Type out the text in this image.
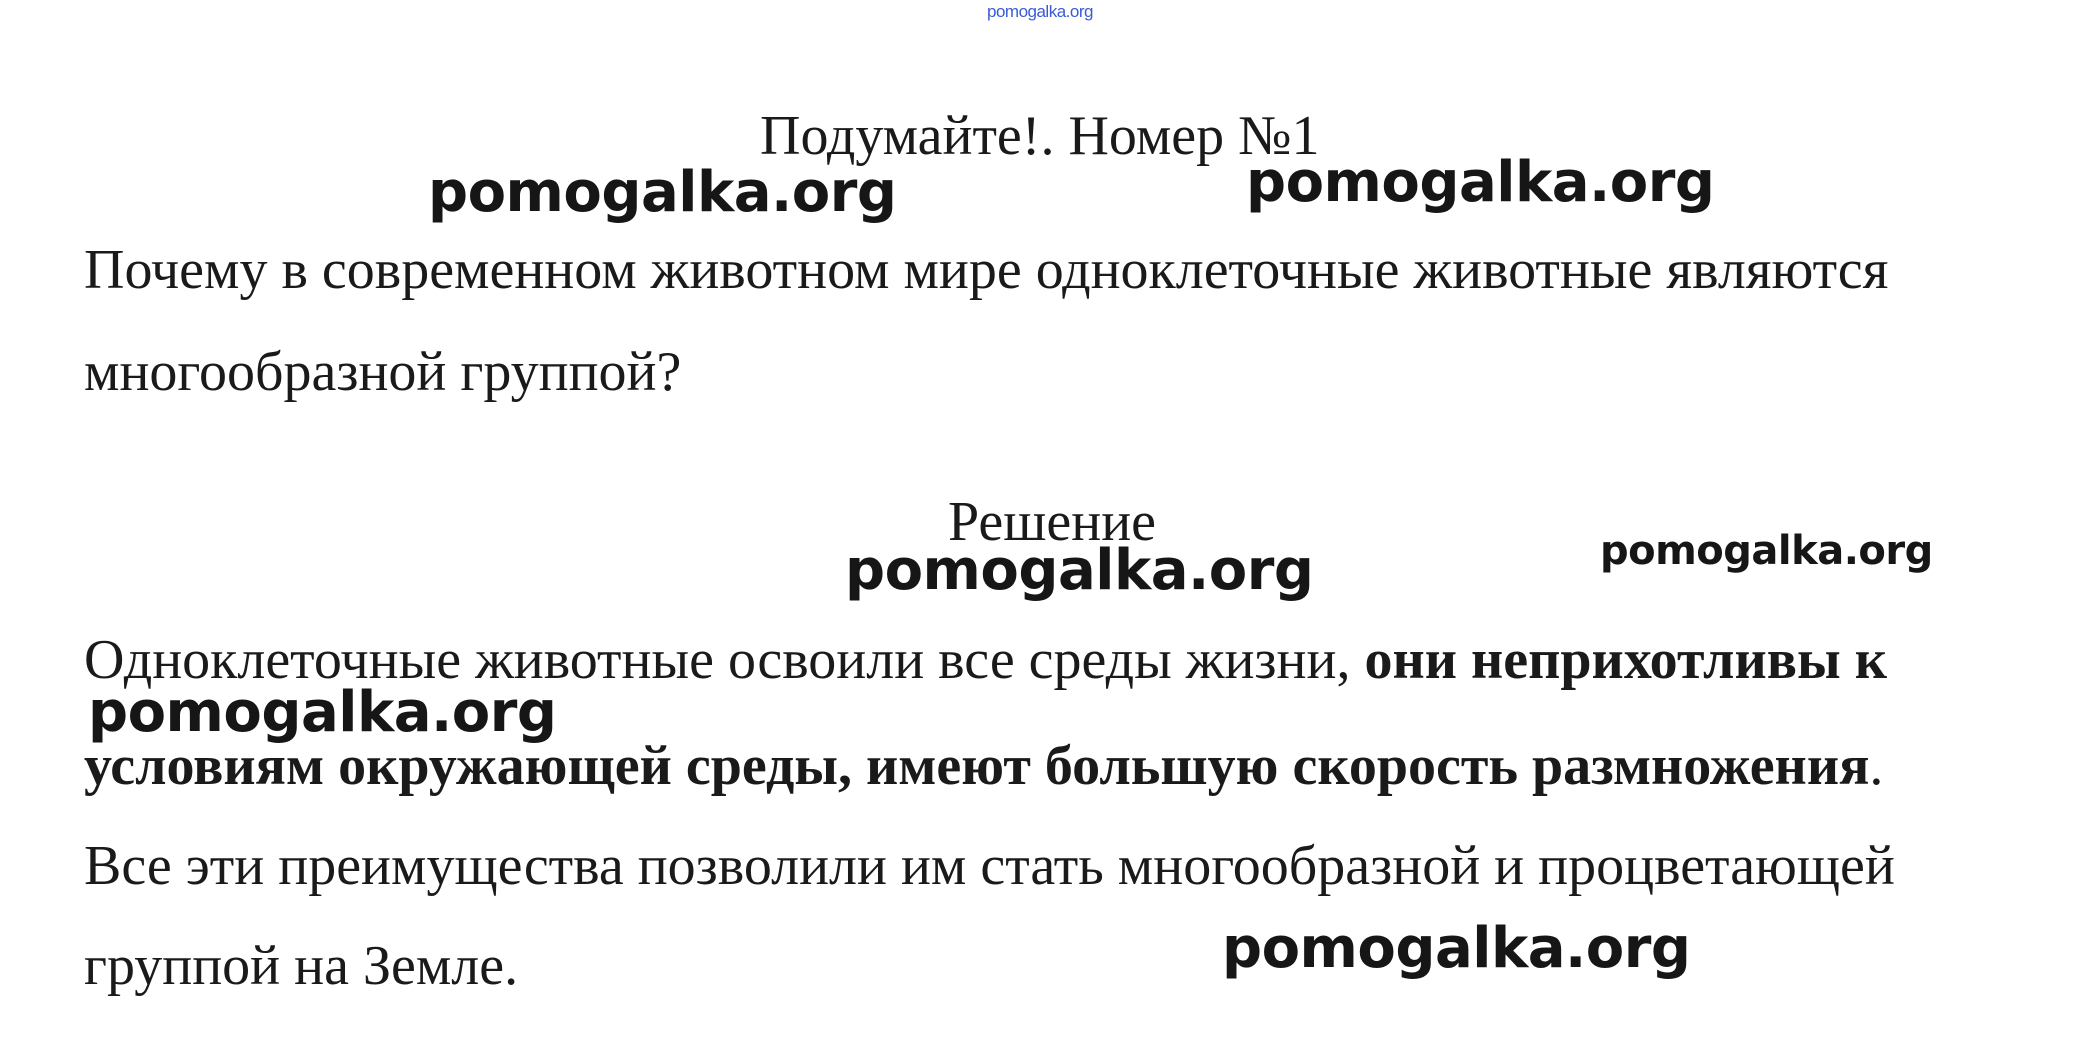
pomogalka.org
Подумайте!. Номер №1
Почему в современном животном мире одноклеточные животные являются
многообразной группой?
Решение
Одноклеточные животные освоили все среды жизни, они неприхотливы к
условиям окружающей среды, имеют большую скорость размножения.
Все эти преимущества позволили им стать многообразной и процветающей
группой на Земле.
pomogalka.org	pomogalka.org
pomogalka.org	pomogalka.org
pomogalka.org
pomogalka.org
